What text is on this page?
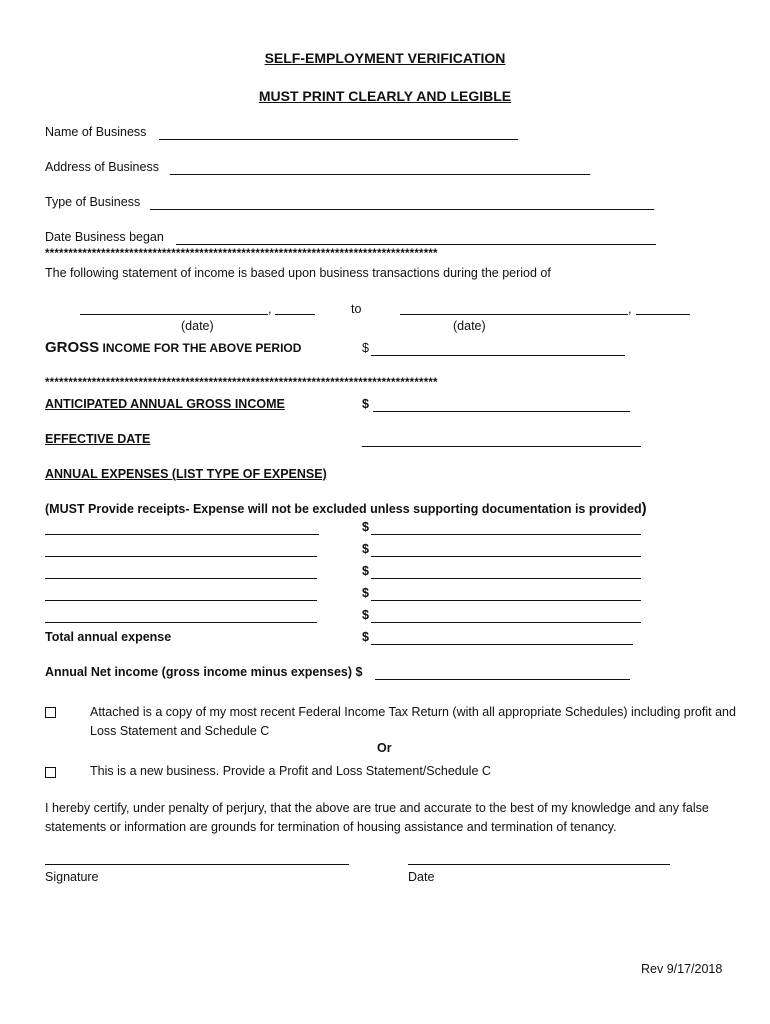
SELF-EMPLOYMENT VERIFICATION
MUST PRINT CLEARLY AND LEGIBLE
Name of Business
Address of Business
Type of Business
Date Business began
************************************************************************************
The following statement of income is based upon business transactions during the period of
,	to	,
(date)	(date)
GROSS INCOME FOR THE ABOVE PERIOD	$
************************************************************************************
ANTICIPATED ANNUAL GROSS INCOME	$
EFFECTIVE DATE
ANNUAL EXPENSES (LIST TYPE OF EXPENSE)
(MUST Provide receipts- Expense will not be excluded unless supporting documentation is provided)
$
$
$
$
$
Total annual expense	$
Annual Net income (gross income minus expenses) $
Attached is a copy of my most recent Federal Income Tax Return (with all appropriate Schedules) including profit and Loss Statement and Schedule C
Or
This is a new business. Provide a Profit and Loss Statement/Schedule C
I hereby certify, under penalty of perjury, that the above are true and accurate to the best of my knowledge and any false statements or information are grounds for termination of housing assistance and termination of tenancy.
Signature	Date
Rev 9/17/2018
